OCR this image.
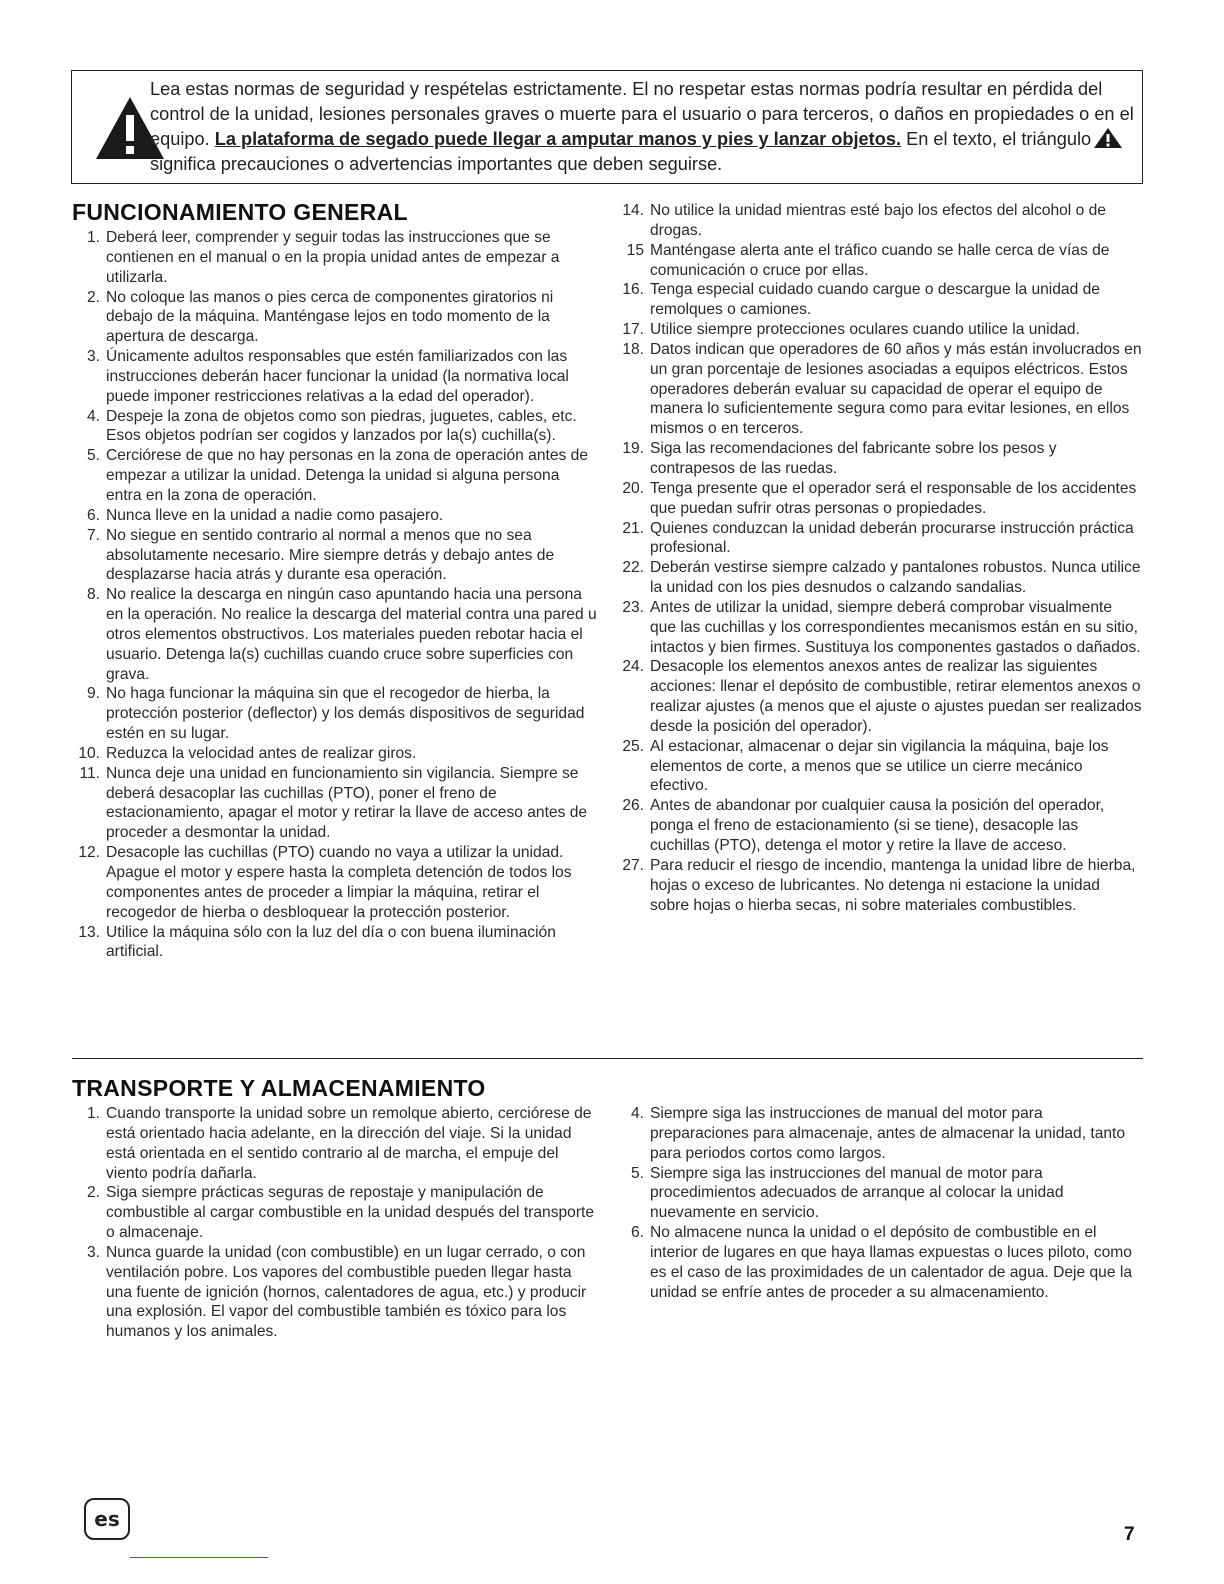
Lea estas normas de seguridad y respételas estrictamente. El no respetar estas normas podría resultar en pérdida del control de la unidad, lesiones personales graves o muerte para el usuario o para terceros, o daños en propiedades o en el equipo. La plataforma de segado puede llegar a amputar manos y pies y lanzar objetos. En el texto, el triángulosignifica precauciones o advertencias importantes que deben seguirse.
FUNCIONAMIENTO GENERAL
1. Deberá leer, comprender y seguir todas las instrucciones que se contienen en el manual o en la propia unidad antes de empezar a utilizarla.
2. No coloque las manos o pies cerca de componentes giratorios ni debajo de la máquina. Manténgase lejos en todo momento de la apertura de descarga.
3. Únicamente adultos responsables que estén familiarizados con las instrucciones deberán hacer funcionar la unidad (la normativa local puede imponer restricciones relativas a la edad del operador).
4. Despeje la zona de objetos como son piedras, juguetes, cables, etc. Esos objetos podrían ser cogidos y lanzados por la(s) cuchilla(s).
5. Cerciórese de que no hay personas en la zona de operación antes de empezar a utilizar la unidad. Detenga la unidad si alguna persona entra en la zona de operación.
6. Nunca lleve en la unidad a nadie como pasajero.
7. No siegue en sentido contrario al normal a menos que no sea absolutamente necesario. Mire siempre detrás y debajo antes de desplazarse hacia atrás y durante esa operación.
8. No realice la descarga en ningún caso apuntando hacia una persona en la operación. No realice la descarga del material contra una pared u otros elementos obstructivos. Los materiales pueden rebotar hacia el usuario. Detenga la(s) cuchillas cuando cruce sobre superficies con grava.
9. No haga funcionar la máquina sin que el recogedor de hierba, la protección posterior (deflector) y los demás dispositivos de seguridad estén en su lugar.
10. Reduzca la velocidad antes de realizar giros.
11. Nunca deje una unidad en funcionamiento sin vigilancia. Siempre se deberá desacoplar las cuchillas (PTO), poner el freno de estacionamiento, apagar el motor y retirar la llave de acceso antes de proceder a desmontar la unidad.
12. Desacople las cuchillas (PTO) cuando no vaya a utilizar la unidad. Apague el motor y espere hasta la completa detención de todos los componentes antes de proceder a limpiar la máquina, retirar el recogedor de hierba o desbloquear la protección posterior.
13. Utilice la máquina sólo con la luz del día o con buena iluminación artificial.
14. No utilice la unidad mientras esté bajo los efectos del alcohol o de drogas.
15 Manténgase alerta ante el tráfico cuando se halle cerca de vías de comunicación o cruce por ellas.
16. Tenga especial cuidado cuando cargue o descargue la unidad de remolques o camiones.
17. Utilice siempre protecciones oculares cuando utilice la unidad.
18. Datos indican que operadores de 60 años y más están involucrados en un gran porcentaje de lesiones asociadas a equipos eléctricos. Estos operadores deberán evaluar su capacidad de operar el equipo de manera lo suficientemente segura como para evitar lesiones, en ellos mismos o en terceros.
19. Siga las recomendaciones del fabricante sobre los pesos y contrapesos de las ruedas.
20. Tenga presente que el operador será el responsable de los accidentes que puedan sufrir otras personas o propiedades.
21. Quienes conduzcan la unidad deberán procurarse instrucción práctica profesional.
22. Deberán vestirse siempre calzado y pantalones robustos. Nunca utilice la unidad con los pies desnudos o calzando sandalias.
23. Antes de utilizar la unidad, siempre deberá comprobar visualmente que las cuchillas y los correspondientes mecanismos están en su sitio, intactos y bien firmes. Sustituya los componentes gastados o dañados.
24. Desacople los elementos anexos antes de realizar las siguientes acciones: llenar el depósito de combustible, retirar elementos anexos o realizar ajustes (a menos que el ajuste o ajustes puedan ser realizados desde la posición del operador).
25. Al estacionar, almacenar o dejar sin vigilancia la máquina, baje los elementos de corte, a menos que se utilice un cierre mecánico efectivo.
26. Antes de abandonar por cualquier causa la posición del operador, ponga el freno de estacionamiento (si se tiene), desacople las cuchillas (PTO), detenga el motor y retire la llave de acceso.
27. Para reducir el riesgo de incendio, mantenga la unidad libre de hierba, hojas o exceso de lubricantes. No detenga ni estacione la unidad sobre hojas o hierba secas, ni sobre materiales combustibles.
TRANSPORTE Y ALMACENAMIENTO
1. Cuando transporte la unidad sobre un remolque abierto, cerciórese de está orientado hacia adelante, en la dirección del viaje. Si la unidad está orientada en el sentido contrario al de marcha, el empuje del viento podría dañarla.
2. Siga siempre prácticas seguras de repostaje y manipulación de combustible al cargar combustible en la unidad después del transporte o almacenaje.
3. Nunca guarde la unidad (con combustible) en un lugar cerrado, o con ventilación pobre. Los vapores del combustible pueden llegar hasta una fuente de ignición (hornos, calentadores de agua, etc.) y producir una explosión. El vapor del combustible también es tóxico para los humanos y los animales.
4. Siempre siga las instrucciones de manual del motor para preparaciones para almacenaje, antes de almacenar la unidad, tanto para periodos cortos como largos.
5. Siempre siga las instrucciones del manual de motor para procedimientos adecuados de arranque al colocar la unidad nuevamente en servicio.
6. No almacene nunca la unidad o el depósito de combustible en el interior de lugares en que haya llamas expuestas o luces piloto, como es el caso de las proximidades de un calentador de agua. Deje que la unidad se enfríe antes de proceder a su almacenamiento.
es
7
